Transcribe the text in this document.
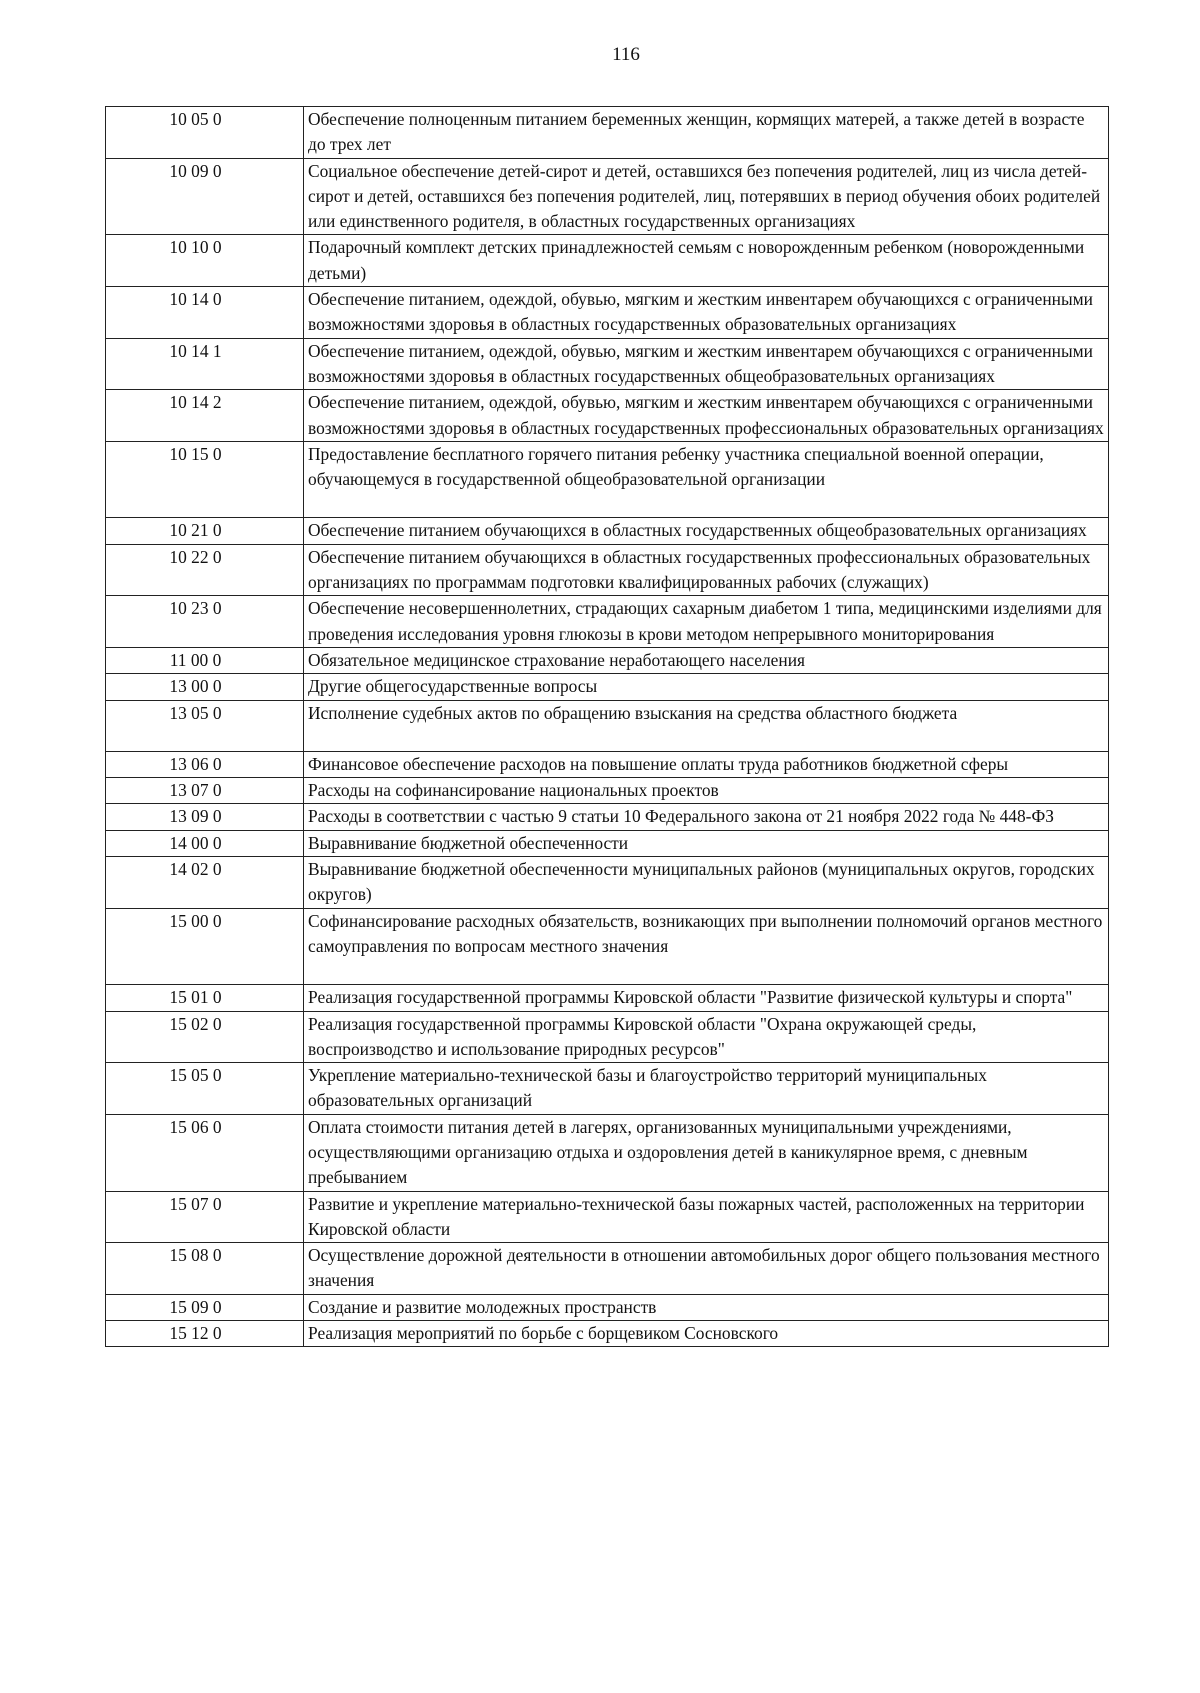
116
10 05 0	Обеспечение полноценным питанием беременных женщин, кормящих матерей, а также детей в возрасте до трех лет
10 09 0	Социальное обеспечение детей-сирот и детей, оставшихся без попечения родителей, лиц из числа детей-сирот и детей, оставшихся без попечения родителей, лиц, потерявших в период обучения обоих родителей или единственного родителя, в областных государственных организациях
10 10 0	Подарочный комплект детских принадлежностей семьям с новорожденным ребенком (новорожденными детьми)
10 14 0	Обеспечение питанием, одеждой, обувью, мягким и жестким инвентарем обучающихся с ограниченными возможностями здоровья в областных государственных образовательных организациях
10 14 1	Обеспечение питанием, одеждой, обувью, мягким и жестким инвентарем обучающихся с ограниченными возможностями здоровья в областных государственных общеобразовательных организациях
10 14 2	Обеспечение питанием, одеждой, обувью, мягким и жестким инвентарем обучающихся с ограниченными возможностями здоровья в областных государственных профессиональных образовательных организациях
10 15 0	Предоставление бесплатного горячего питания ребенку участника специальной военной операции, обучающемуся в государственной общеобразовательной организации
10 21 0	Обеспечение питанием обучающихся в областных государственных общеобразовательных организациях
10 22 0	Обеспечение питанием обучающихся в областных государственных профессиональных образовательных организациях по программам подготовки квалифицированных рабочих (служащих)
10 23 0	Обеспечение несовершеннолетних, страдающих сахарным диабетом 1 типа, медицинскими изделиями для проведения исследования уровня глюкозы в крови методом непрерывного мониторирования
11 00 0	Обязательное медицинское страхование неработающего населения
13 00 0	Другие общегосударственные вопросы
13 05 0	Исполнение судебных актов по обращению взыскания на средства областного бюджета
13 06 0	Финансовое обеспечение расходов на повышение оплаты труда работников бюджетной сферы
13 07 0	Расходы на софинансирование национальных проектов
13 09 0	Расходы в соответствии с частью 9 статьи 10 Федерального закона от 21 ноября 2022 года № 448-ФЗ
14 00 0	Выравнивание бюджетной обеспеченности
14 02 0	Выравнивание бюджетной обеспеченности муниципальных районов (муниципальных округов, городских округов)
15 00 0	Софинансирование расходных обязательств, возникающих при выполнении полномочий органов местного самоуправления по вопросам местного значения
15 01 0	Реализация государственной программы Кировской области "Развитие физической культуры и спорта"
15 02 0	Реализация государственной программы Кировской области "Охрана окружающей среды, воспроизводство и использование природных ресурсов"
15 05 0	Укрепление материально-технической базы и благоустройство территорий муниципальных образовательных организаций
15 06 0	Оплата стоимости питания детей в лагерях, организованных муниципальными учреждениями, осуществляющими организацию отдыха и оздоровления детей в каникулярное время, с дневным пребыванием
15 07 0	Развитие и укрепление материально-технической базы пожарных частей, расположенных на территории Кировской области
15 08 0	Осуществление дорожной деятельности в отношении автомобильных дорог общего пользования местного значения
15 09 0	Создание и развитие молодежных пространств
15 12 0	Реализация мероприятий по борьбе с борщевиком Сосновского
